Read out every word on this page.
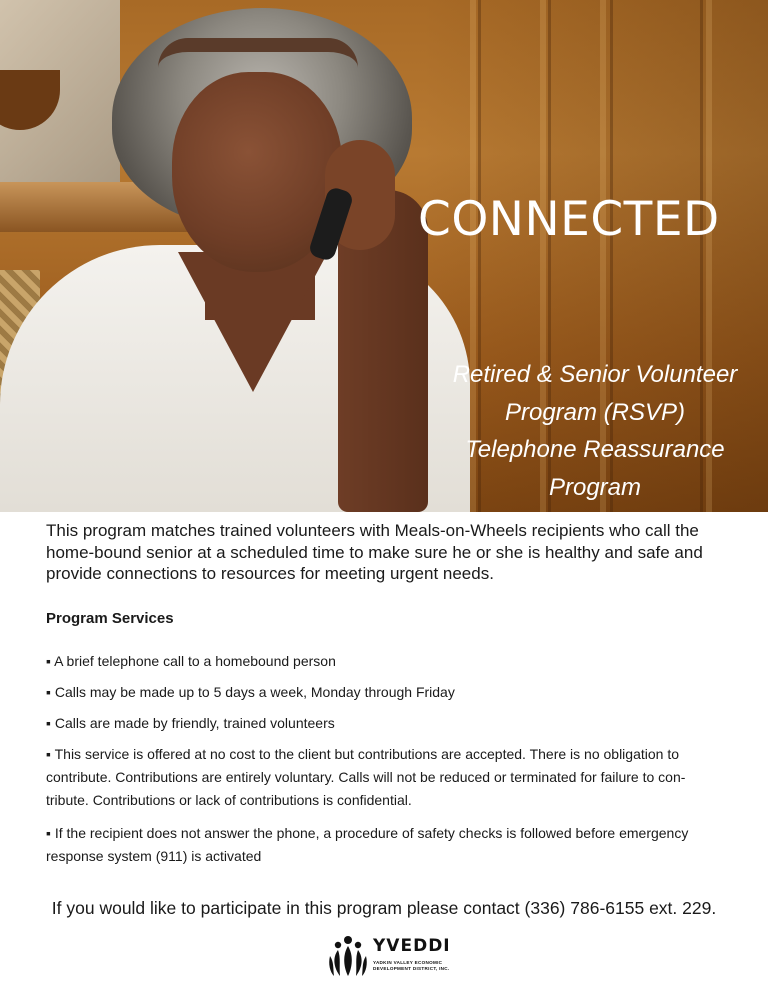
CONNECTED
Retired & Senior Volunteer
Program (RSVP)
Telephone Reassurance
Program
This program matches trained volunteers with Meals-on-Wheels recipients who call the home-bound senior at a scheduled time to make sure he or she is healthy and safe and provide connections to resources for meeting urgent needs.
Program Services
▪ A brief telephone call to a homebound person
▪ Calls may be made up to 5 days a week, Monday through Friday
▪ Calls are made by friendly, trained volunteers
▪ This service is offered at no cost to the client but contributions are accepted. There is no obligation to contribute. Contributions are entirely voluntary. Calls will not be reduced or terminated for failure to contribute. Contributions or lack of contributions is confidential.
▪ If the recipient does not answer the phone, a procedure of safety checks is followed before emergency response system (911) is activated
If you would like to participate in this program please contact (336) 786-6155 ext. 229.
YVEDDI
YADKIN VALLEY ECONOMIC
DEVELOPMENT DISTRICT, INC.
